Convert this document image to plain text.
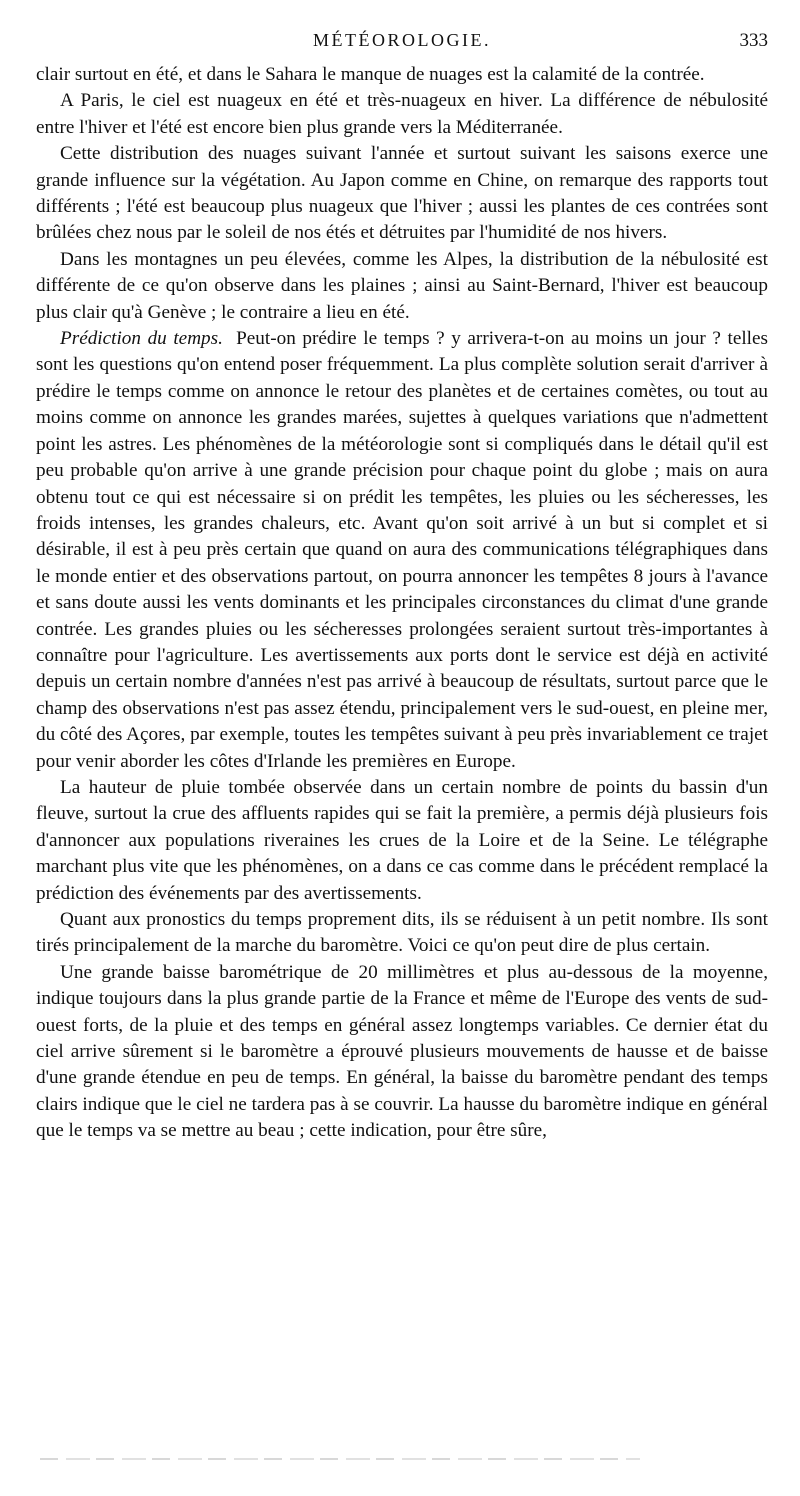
MÉTÉOROLOGIE.	333

clair surtout en été, et dans le Sahara le manque de nuages est la calamité de la contrée.

A Paris, le ciel est nuageux en été et très-nuageux en hiver. La différence de nébulosité entre l'hiver et l'été est encore bien plus grande vers la Méditerranée.

Cette distribution des nuages suivant l'année et surtout suivant les saisons exerce une grande influence sur la végétation. Au Japon comme en Chine, on remarque des rapports tout différents ; l'été est beaucoup plus nuageux que l'hiver ; aussi les plantes de ces contrées sont brûlées chez nous par le soleil de nos étés et détruites par l'humidité de nos hivers.

Dans les montagnes un peu élevées, comme les Alpes, la distribution de la nébulosité est différente de ce qu'on observe dans les plaines ; ainsi au Saint-Bernard, l'hiver est beaucoup plus clair qu'à Genève ; le contraire a lieu en été.

Prédiction du temps. Peut-on prédire le temps ? y arrivera-t-on au moins un jour ? telles sont les questions qu'on entend poser fréquemment. La plus complète solution serait d'arriver à prédire le temps comme on annonce le retour des planètes et de certaines comètes, ou tout au moins comme on annonce les grandes marées, sujettes à quelques variations que n'admettent point les astres. Les phénomènes de la météorologie sont si compliqués dans le détail qu'il est peu probable qu'on arrive à une grande précision pour chaque point du globe ; mais on aura obtenu tout ce qui est nécessaire si on prédit les tempêtes, les pluies ou les sécheresses, les froids intenses, les grandes chaleurs, etc. Avant qu'on soit arrivé à un but si complet et si désirable, il est à peu près certain que quand on aura des communications télégraphiques dans le monde entier et des observations partout, on pourra annoncer les tempêtes 8 jours à l'avance et sans doute aussi les vents dominants et les principales circonstances du climat d'une grande contrée. Les grandes pluies ou les sécheresses prolongées seraient surtout très-importantes à connaître pour l'agriculture. Les avertissements aux ports dont le service est déjà en activité depuis un certain nombre d'années n'est pas arrivé à beaucoup de résultats, surtout parce que le champ des observations n'est pas assez étendu, principalement vers le sud-ouest, en pleine mer, du côté des Açores, par exemple, toutes les tempêtes suivant à peu près invariablement ce trajet pour venir aborder les côtes d'Irlande les premières en Europe.

La hauteur de pluie tombée observée dans un certain nombre de points du bassin d'un fleuve, surtout la crue des affluents rapides qui se fait la première, a permis déjà plusieurs fois d'annoncer aux populations riveraines les crues de la Loire et de la Seine. Le télégraphe marchant plus vite que les phénomènes, on a dans ce cas comme dans le précédent remplacé la prédiction des événements par des avertissements.

Quant aux pronostics du temps proprement dits, ils se réduisent à un petit nombre. Ils sont tirés principalement de la marche du baromètre. Voici ce qu'on peut dire de plus certain.

Une grande baisse barométrique de 20 millimètres et plus au-dessous de la moyenne, indique toujours dans la plus grande partie de la France et même de l'Europe des vents de sud-ouest forts, de la pluie et des temps en général assez longtemps variables. Ce dernier état du ciel arrive sûrement si le baromètre a éprouvé plusieurs mouvements de hausse et de baisse d'une grande étendue en peu de temps. En général, la baisse du baromètre pendant des temps clairs indique que le ciel ne tardera pas à se couvrir. La hausse du baromètre indique en général que le temps va se mettre au beau ; cette indication, pour être sûre,
